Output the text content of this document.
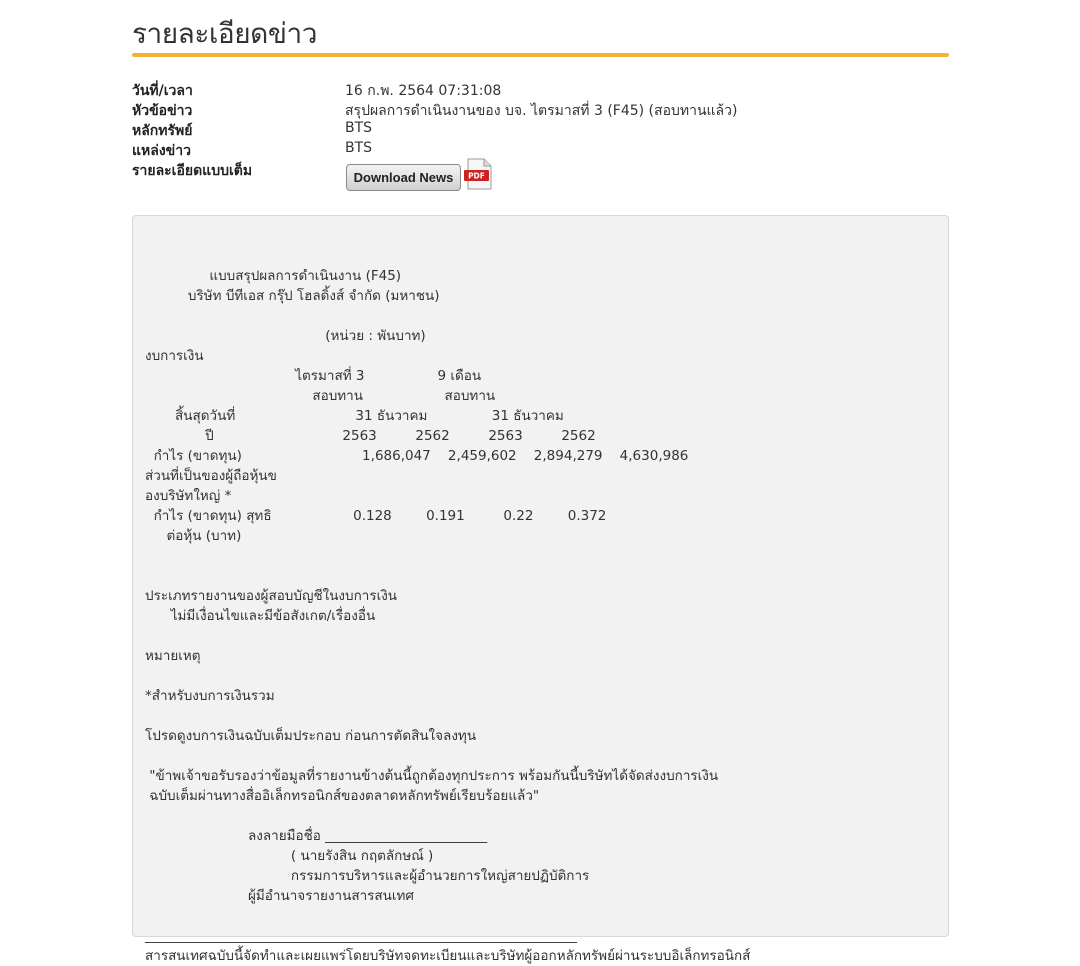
รายละเอียดข่าว
วันที่/เวลา	16 ก.พ. 2564 07:31:08
หัวข้อข่าว	สรุปผลการดำเนินงานของ บจ. ไตรมาสที่ 3 (F45) (สอบทานแล้ว)
หลักทรัพย์	BTS
แหล่งข่าว	BTS
รายละเอียดแบบเต็ม	Download News	PDF
แบบสรุปผลการดำเนินงาน (F45)
บริษัท บีทีเอส กรุ๊ป โฮลดิ้งส์ จำกัด (มหาชน)
(หน่วย : พันบาท)
งบการเงิน
ไตรมาสที่ 3                 9 เดือน
สอบทาน                   สอบทาน
สิ้นสุดวันที่                            31 ธันวาคม               31 ธันวาคม
ปี                              2563         2562         2563         2562
กำไร (ขาดทุน)                            1,686,047    2,459,602    2,894,279    4,630,986
ส่วนที่เป็นของผู้ถือหุ้นข
องบริษัทใหญ่ *
กำไร (ขาดทุน) สุทธิ                   0.128        0.191         0.22        0.372
ต่อหุ้น (บาท)
ประเภทรายงานของผู้สอบบัญชีในงบการเงิน
ไม่มีเงื่อนไขและมีข้อสังเกต/เรื่องอื่น
หมายเหตุ
*สำหรับงบการเงินรวม
โปรดดูงบการเงินฉบับเต็มประกอบ ก่อนการตัดสินใจลงทุน
"ข้าพเจ้าขอรับรองว่าข้อมูลที่รายงานข้างต้นนี้ถูกต้องทุกประการ พร้อมกันนี้บริษัทได้จัดส่งงบการเงิน
ฉบับเต็มผ่านทางสื่ออิเล็กทรอนิกส์ของตลาดหลักทรัพย์เรียบร้อยแล้ว"
ลงลายมือชื่อ ________________________
( นายรังสิน กฤตลักษณ์ )
กรรมการบริหารและผู้อำนวยการใหญ่สายปฏิบัติการ
ผู้มีอำนาจรายงานสารสนเทศ
________________________________________________________________
สารสนเทศฉบับนี้จัดทำและเผยแพร่โดยบริษัทจดทะเบียนและบริษัทผู้ออกหลักทรัพย์ผ่านระบบอิเล็กทรอนิกส์
